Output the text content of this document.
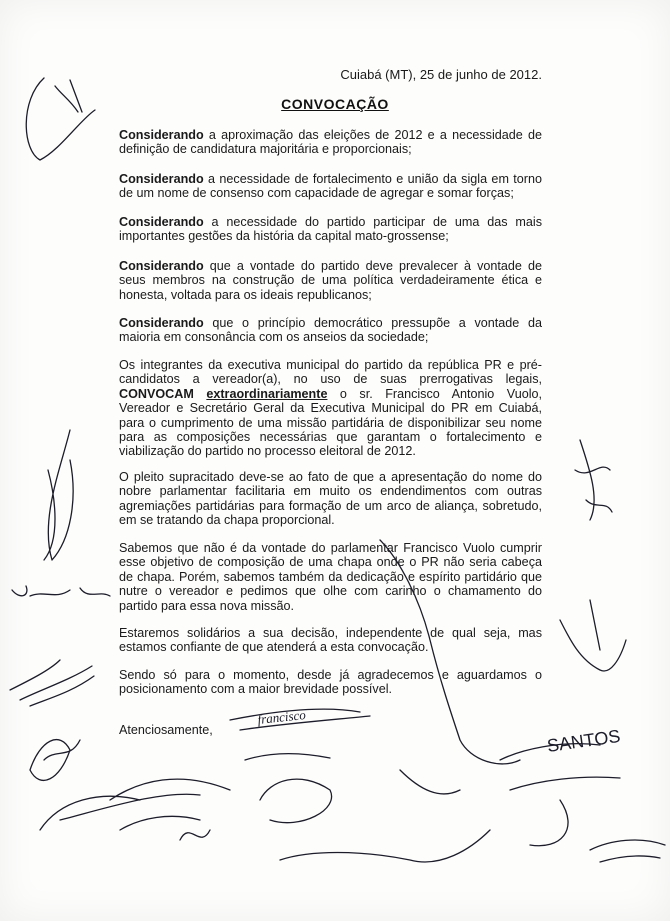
Cuiabá (MT), 25 de junho de 2012.
CONVOCAÇÃO
Considerando a aproximação das eleições de 2012 e a necessidade de definição de candidatura majoritária e proporcionais;
Considerando a necessidade de fortalecimento e união da sigla em torno de um nome de consenso com capacidade de agregar e somar forças;
Considerando a necessidade do partido participar de uma das mais importantes gestões da história da capital mato-grossense;
Considerando que a vontade do partido deve prevalecer à vontade de seus membros na construção de uma política verdadeiramente ética e honesta, voltada para os ideais republicanos;
Considerando que o princípio democrático pressupõe a vontade da maioria em consonância com os anseios da sociedade;
Os integrantes da executiva municipal do partido da república PR e pré-candidatos a vereador(a), no uso de suas prerrogativas legais, CONVOCAM extraordinariamente o sr. Francisco Antonio Vuolo, Vereador e Secretário Geral da Executiva Municipal do PR em Cuiabá, para o cumprimento de uma missão partidária de disponibilizar seu nome para as composições necessárias que garantam o fortalecimento e viabilização do partido no processo eleitoral de 2012.
O pleito supracitado deve-se ao fato de que a apresentação do nome do nobre parlamentar facilitaria em muito os endendimentos com outras agremiações partidárias para formação de um arco de aliança, sobretudo, em se tratando da chapa proporcional.
Sabemos que não é da vontade do parlamentar Francisco Vuolo cumprir esse objetivo de composição de uma chapa onde o PR não seria cabeça de chapa. Porém, sabemos também da dedicação e espírito partidário que nutre o vereador e pedimos que olhe com carinho o chamamento do partido para essa nova missão.
Estaremos solidários a sua decisão, independente de qual seja, mas estamos confiante de que atenderá a esta convocação.
Sendo só para o momento, desde já agradecemos e aguardamos o posicionamento com a maior brevidade possível.
Atenciosamente,
francisco
SANTOS
